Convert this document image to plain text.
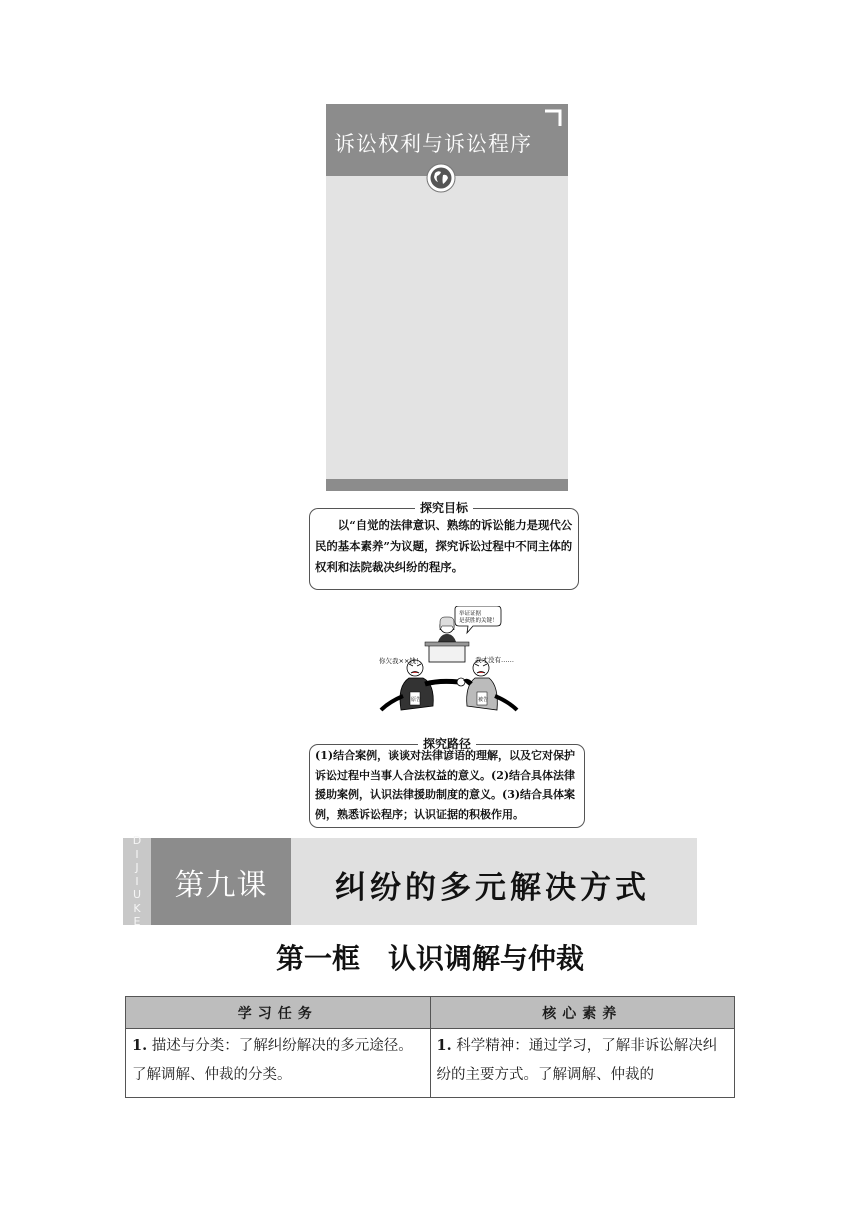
诉讼权利与诉讼程序
探究目标
以“自觉的法律意识、熟练的诉讼能力是现代公民的基本素养”为议题，探究诉讼过程中不同主体的权利和法院裁决纠纷的程序。
举证证据
是获胜的关键！
原告	被告
你欠我××钱！	我才没有……
探究路径
(1)结合案例，谈谈对法律谚语的理解，以及它对保护诉讼过程中当事人合法权益的意义。(2)结合具体法律援助案例，认识法律援助制度的意义。(3)结合具体案例，熟悉诉讼程序；认识证据的积极作用。
D
I
J
I
U
K
E
第九课	纠纷的多元解决方式
第一框　认识调解与仲裁
学习任务	核心素养
1. 描述与分类：了解纠纷解决的多元途径。了解调解、仲裁的分类。	1. 科学精神：通过学习，了解非诉讼解决纠纷的主要方式。了解调解、仲裁的
